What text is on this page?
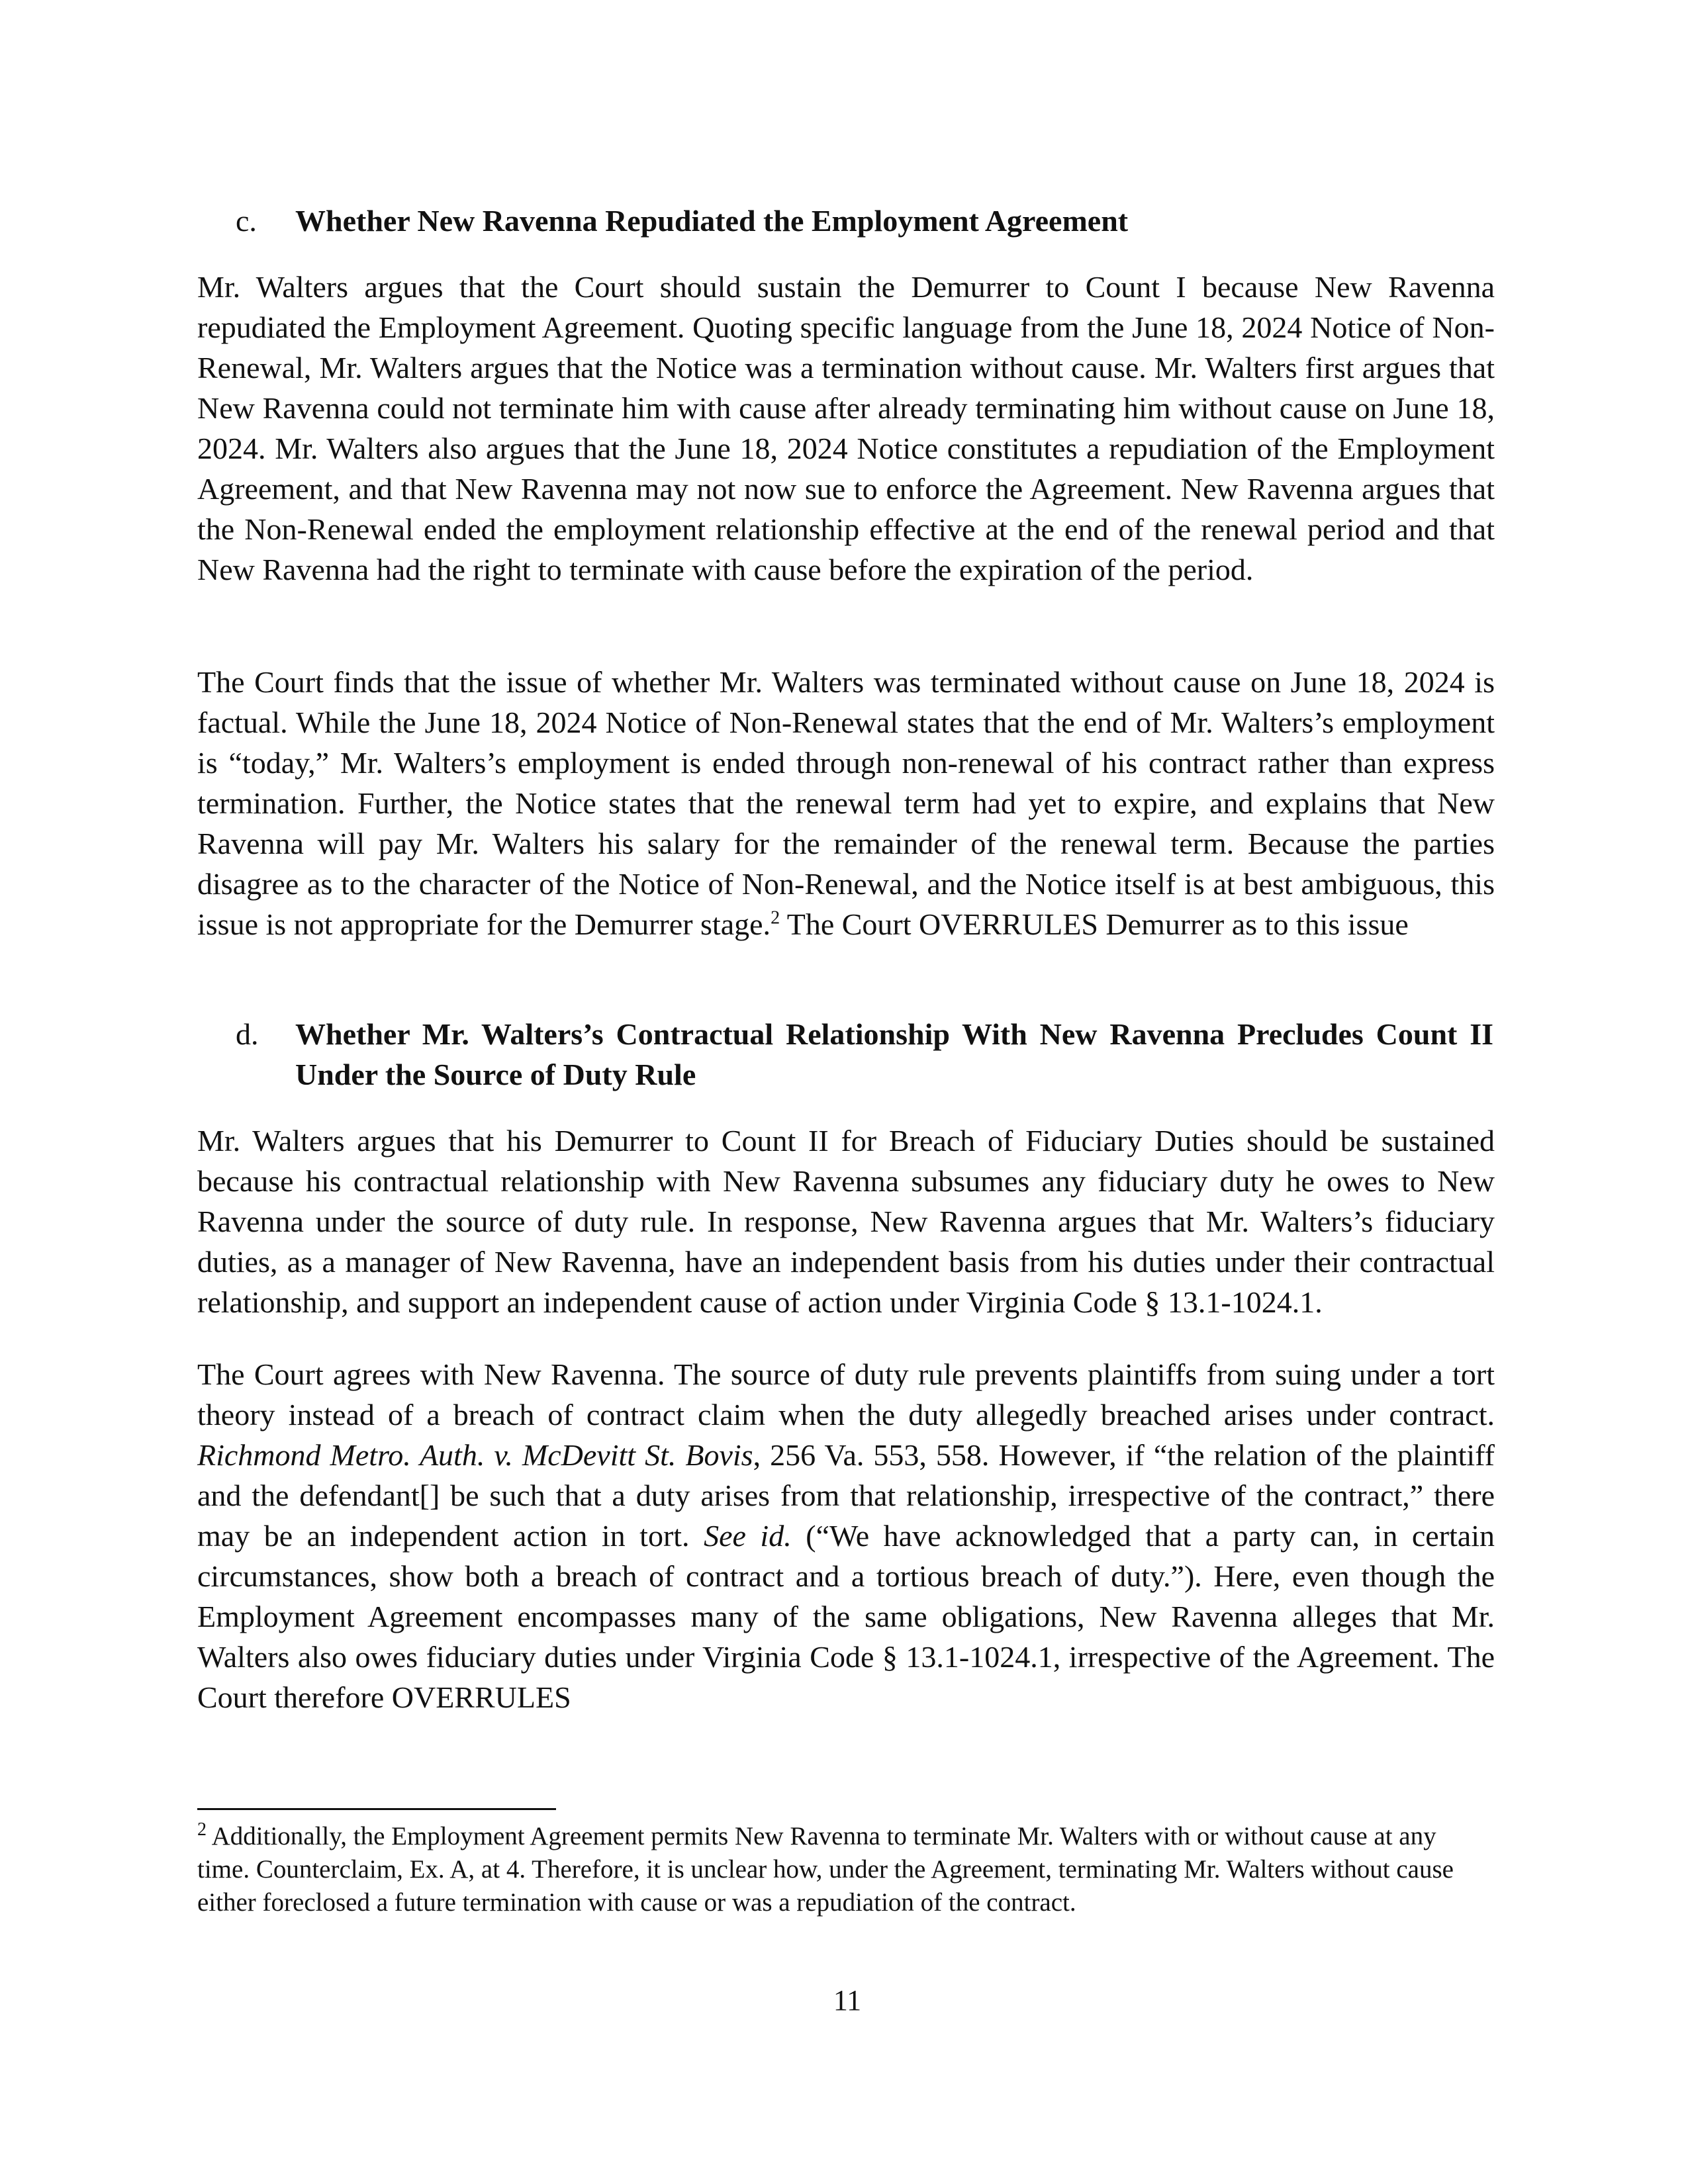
c. Whether New Ravenna Repudiated the Employment Agreement

Mr. Walters argues that the Court should sustain the Demurrer to Count I because New Ravenna repudiated the Employment Agreement. Quoting specific language from the June 18, 2024 Notice of Non-Renewal, Mr. Walters argues that the Notice was a termination without cause. Mr. Walters first argues that New Ravenna could not terminate him with cause after already terminating him without cause on June 18, 2024. Mr. Walters also argues that the June 18, 2024 Notice constitutes a repudiation of the Employment Agreement, and that New Ravenna may not now sue to enforce the Agreement. New Ravenna argues that the Non-Renewal ended the employment relationship effective at the end of the renewal period and that New Ravenna had the right to terminate with cause before the expiration of the period.

The Court finds that the issue of whether Mr. Walters was terminated without cause on June 18, 2024 is factual. While the June 18, 2024 Notice of Non-Renewal states that the end of Mr. Walters’s employment is “today,” Mr. Walters’s employment is ended through non-renewal of his contract rather than express termination. Further, the Notice states that the renewal term had yet to expire, and explains that New Ravenna will pay Mr. Walters his salary for the remainder of the renewal term. Because the parties disagree as to the character of the Notice of Non-Renewal, and the Notice itself is at best ambiguous, this issue is not appropriate for the Demurrer stage.$^2$ The Court OVERRULES Demurrer as to this issue

d. Whether Mr. Walters’s Contractual Relationship With New Ravenna Precludes Count II Under the Source of Duty Rule

Mr. Walters argues that his Demurrer to Count II for Breach of Fiduciary Duties should be sustained because his contractual relationship with New Ravenna subsumes any fiduciary duty he owes to New Ravenna under the source of duty rule. In response, New Ravenna argues that Mr. Walters’s fiduciary duties, as a manager of New Ravenna, have an independent basis from his duties under their contractual relationship, and support an independent cause of action under Virginia Code § 13.1-1024.1.

The Court agrees with New Ravenna. The source of duty rule prevents plaintiffs from suing under a tort theory instead of a breach of contract claim when the duty allegedly breached arises under contract. Richmond Metro. Auth. v. McDevitt St. Bovis, 256 Va. 553, 558. However, if “the relation of the plaintiff and the defendant[] be such that a duty arises from that relationship, irrespective of the contract,” there may be an independent action in tort. See id. (“We have acknowledged that a party can, in certain circumstances, show both a breach of contract and a tortious breach of duty.”). Here, even though the Employment Agreement encompasses many of the same obligations, New Ravenna alleges that Mr. Walters also owes fiduciary duties under Virginia Code § 13.1-1024.1, irrespective of the Agreement. The Court therefore OVERRULES

$^2$ Additionally, the Employment Agreement permits New Ravenna to terminate Mr. Walters with or without cause at any time. Counterclaim, Ex. A, at 4. Therefore, it is unclear how, under the Agreement, terminating Mr. Walters without cause either foreclosed a future termination with cause or was a repudiation of the contract.

11
